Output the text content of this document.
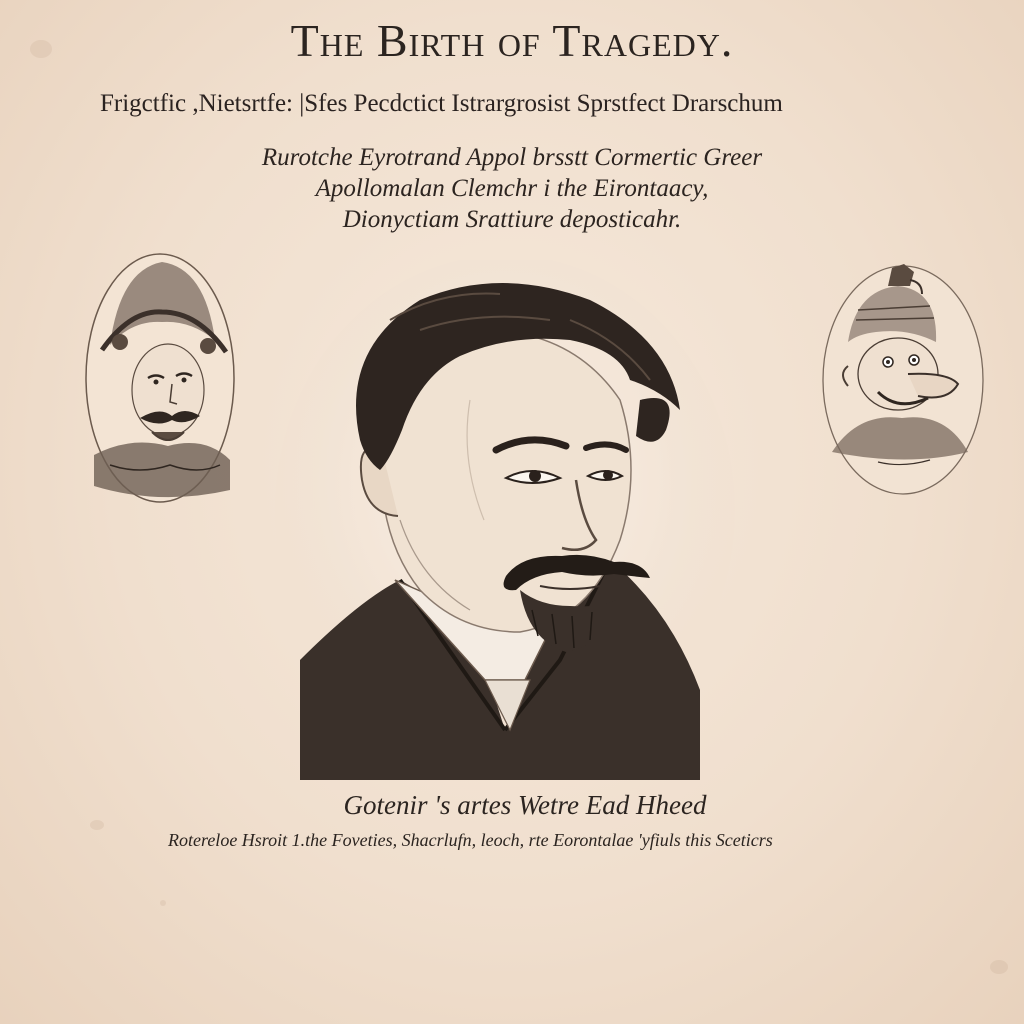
The Birth of Tragedy.
Frigctfic ,Nietsrtfe: |Sfes Pecdctict Istrargrosist Sprstfect Drarschum
Rurotche Eyrotrand Appol brsstt Cormertic Greer
Apollomalan Clemchr i the Eirontaacy,
Dionyctiam Srattiure deposticahr.
Gotenir 's artes Wetre Ead Hheed
Rotereloe Hsroit 1.the Foveties, Shacrlufn, leoch, rte Eorontalae 'yfiuls this Sceticrs
